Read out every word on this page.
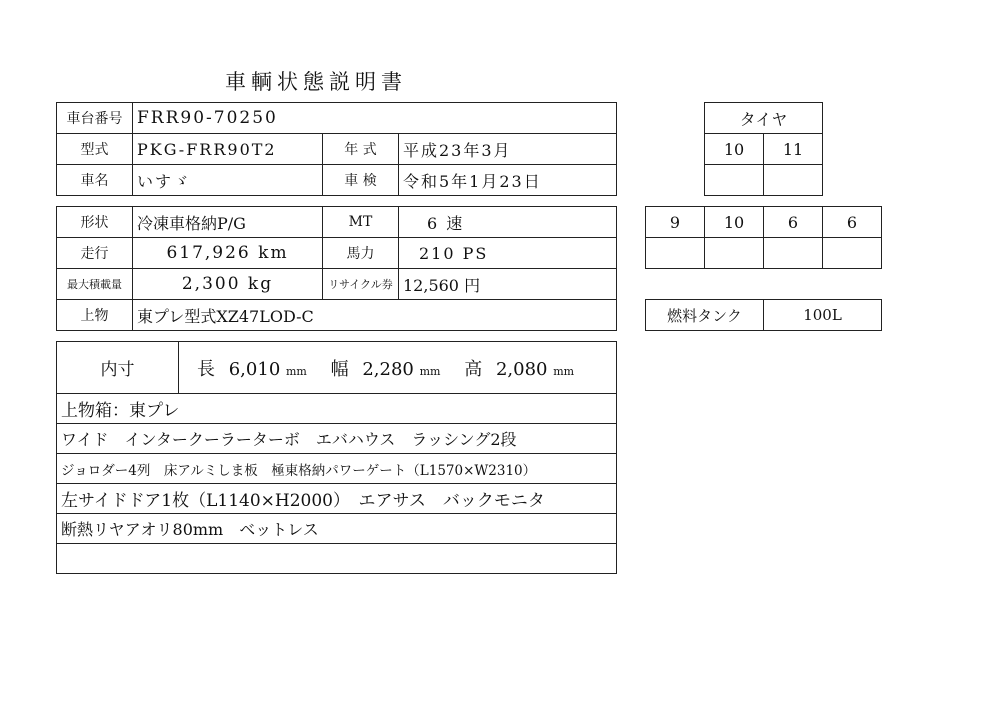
車輌状態説明書
車台番号	FRR90-70250		
型式	PKG-FRR90T2	年 式	平成23年3月
車名	いすゞ	車 検	令和5年1月23日
形状	冷凍車格納P/G	MT	6 速
走行	617,926 km	馬力	210 PS
最大積載量	2,300 kg	リサイクル券	12,560 円
上物	東プレ型式XZ47LOD-C		
内寸	長 6,010 mm 幅 2,280 mm 高 2,080 mm
上物箱：東プレ
ワイド　インタークーラーターボ　エバハウス　ラッシング2段
ジョロダー4列　床アルミしま板　極東格納パワーゲート（L1570×W2310）
左サイドドア1枚（L1140×H2000）　エアサス　バックモニタ
断熱リヤアオリ80mm　ベットレス

タイヤ	
10	11

9	10	6	6

燃料タンク	100L
